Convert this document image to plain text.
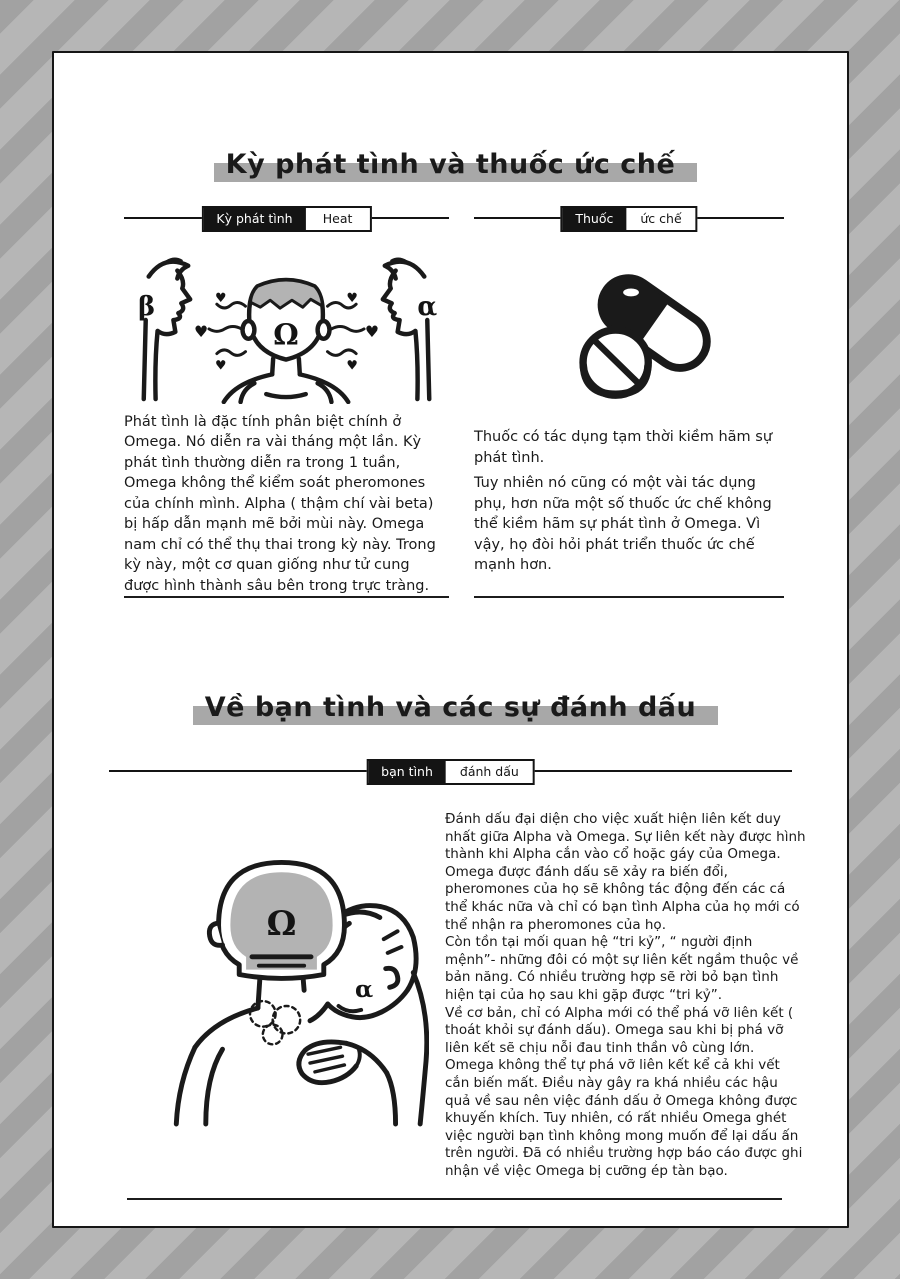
Kỳ phát tình và thuốc ức chế
Kỳ phát tình	Heat
♥
♥
♥
♥
♥
♥
β
Ω
α

Phát tình là đặc tính phân biệt chính ở Omega. Nó diễn ra vài tháng một lần. Kỳ phát tình thường diễn ra trong 1 tuần, Omega không thể kiểm soát pheromones của chính mình. Alpha ( thậm chí vài beta) bị hấp dẫn mạnh mẽ bởi mùi này. Omega nam chỉ có thể thụ thai trong kỳ này. Trong kỳ này, một cơ quan giống như tử cung được hình thành sâu bên trong trực tràng.

Thuốc	ức chế

Thuốc có tác dụng tạm thời kiềm hãm sự phát tình.

Tuy nhiên nó cũng có một vài tác dụng phụ, hơn nữa một số thuốc ức chế không thể kiềm hãm sự phát tình ở Omega. Vì vậy, họ đòi hỏi phát triển thuốc ức chế mạnh hơn.

Về bạn tình và các sự đánh dấu
bạn tình	đánh dấu
Ω
α

Đánh dấu đại diện cho việc xuất hiện liên kết duy nhất giữa Alpha và Omega. Sự liên kết này được hình thành khi Alpha cắn vào cổ hoặc gáy của Omega.

Omega được đánh dấu sẽ xảy ra biến đổi, pheromones của họ sẽ không tác động đến các cá thể khác nữa và chỉ có bạn tình Alpha của họ mới có thể nhận ra pheromones của họ.

Còn tồn tại mối quan hệ “tri kỷ”, “ người định mệnh”- những đôi có một sự liên kết ngầm thuộc về bản năng. Có nhiều trường hợp sẽ rời bỏ bạn tình hiện tại của họ sau khi gặp được “tri kỷ”.

Về cơ bản, chỉ có Alpha mới có thể phá vỡ liên kết ( thoát khỏi sự đánh dấu). Omega sau khi bị phá vỡ liên kết sẽ chịu nỗi đau tinh thần vô cùng lớn.

Omega không thể tự phá vỡ liên kết kể cả khi vết cắn biến mất. Điều này gây ra khá nhiều các hậu quả về sau nên việc đánh dấu ở Omega không được khuyến khích. Tuy nhiên, có rất nhiều Omega ghét việc người bạn tình không mong muốn để lại dấu ấn trên người. Đã có nhiều trường hợp báo cáo được ghi nhận về việc Omega bị cưỡng ép tàn bạo.
